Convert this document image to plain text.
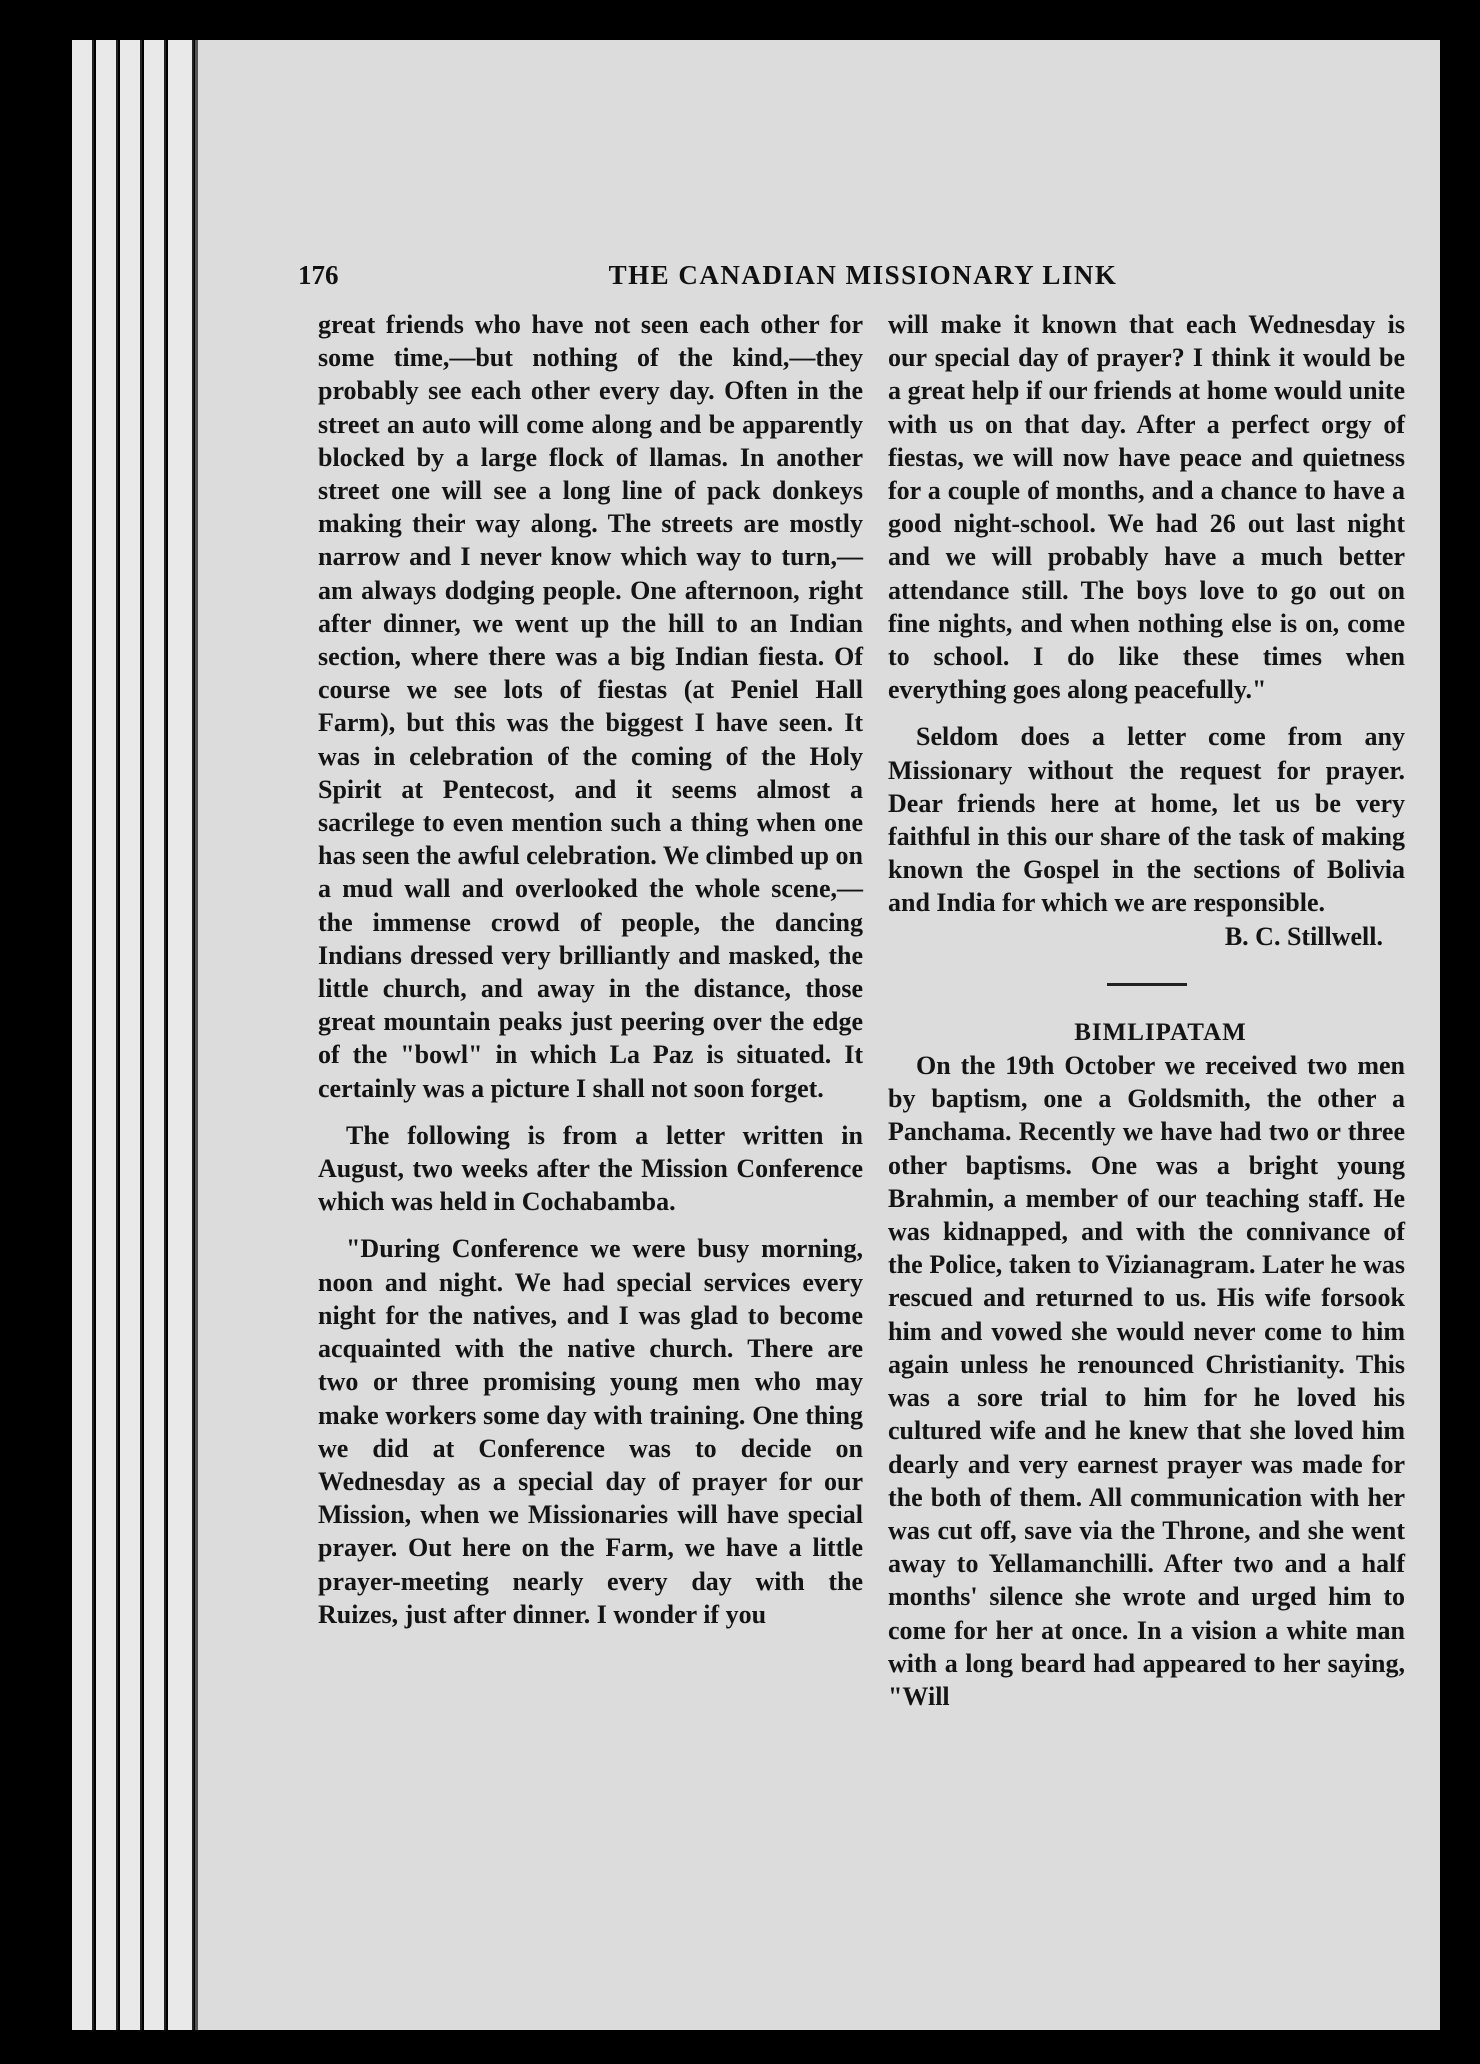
176	THE CANADIAN MISSIONARY LINK

great friends who have not seen each other for some time,—but nothing of the kind,—they probably see each other every day. Often in the street an auto will come along and be apparently blocked by a large flock of llamas. In another street one will see a long line of pack donkeys making their way along. The streets are mostly narrow and I never know which way to turn,—am always dodging people. One afternoon, right after dinner, we went up the hill to an Indian section, where there was a big Indian fiesta. Of course we see lots of fiestas (at Peniel Hall Farm), but this was the biggest I have seen. It was in celebration of the coming of the Holy Spirit at Pentecost, and it seems almost a sacrilege to even mention such a thing when one has seen the awful celebration. We climbed up on a mud wall and overlooked the whole scene,—the immense crowd of people, the dancing Indians dressed very brilliantly and masked, the little church, and away in the distance, those great mountain peaks just peering over the edge of the "bowl" in which La Paz is situated. It certainly was a picture I shall not soon forget.

The following is from a letter written in August, two weeks after the Mission Conference which was held in Cochabamba.

"During Conference we were busy morning, noon and night. We had special services every night for the natives, and I was glad to become acquainted with the native church. There are two or three promising young men who may make workers some day with training. One thing we did at Conference was to decide on Wednesday as a special day of prayer for our Mission, when we Missionaries will have special prayer. Out here on the Farm, we have a little prayer-meeting nearly every day with the Ruizes, just after dinner. I wonder if you

will make it known that each Wednesday is our special day of prayer? I think it would be a great help if our friends at home would unite with us on that day. After a perfect orgy of fiestas, we will now have peace and quietness for a couple of months, and a chance to have a good night-school. We had 26 out last night and we will probably have a much better attendance still. The boys love to go out on fine nights, and when nothing else is on, come to school. I do like these times when everything goes along peacefully."

Seldom does a letter come from any Missionary without the request for prayer. Dear friends here at home, let us be very faithful in this our share of the task of making known the Gospel in the sections of Bolivia and India for which we are responsible.

B. C. Stillwell.

BIMLIPATAM

On the 19th October we received two men by baptism, one a Goldsmith, the other a Panchama. Recently we have had two or three other baptisms. One was a bright young Brahmin, a member of our teaching staff. He was kidnapped, and with the connivance of the Police, taken to Vizianagram. Later he was rescued and returned to us. His wife forsook him and vowed she would never come to him again unless he renounced Christianity. This was a sore trial to him for he loved his cultured wife and he knew that she loved him dearly and very earnest prayer was made for the both of them. All communication with her was cut off, save via the Throne, and she went away to Yellamanchilli. After two and a half months' silence she wrote and urged him to come for her at once. In a vision a white man with a long beard had appeared to her saying, "Will
